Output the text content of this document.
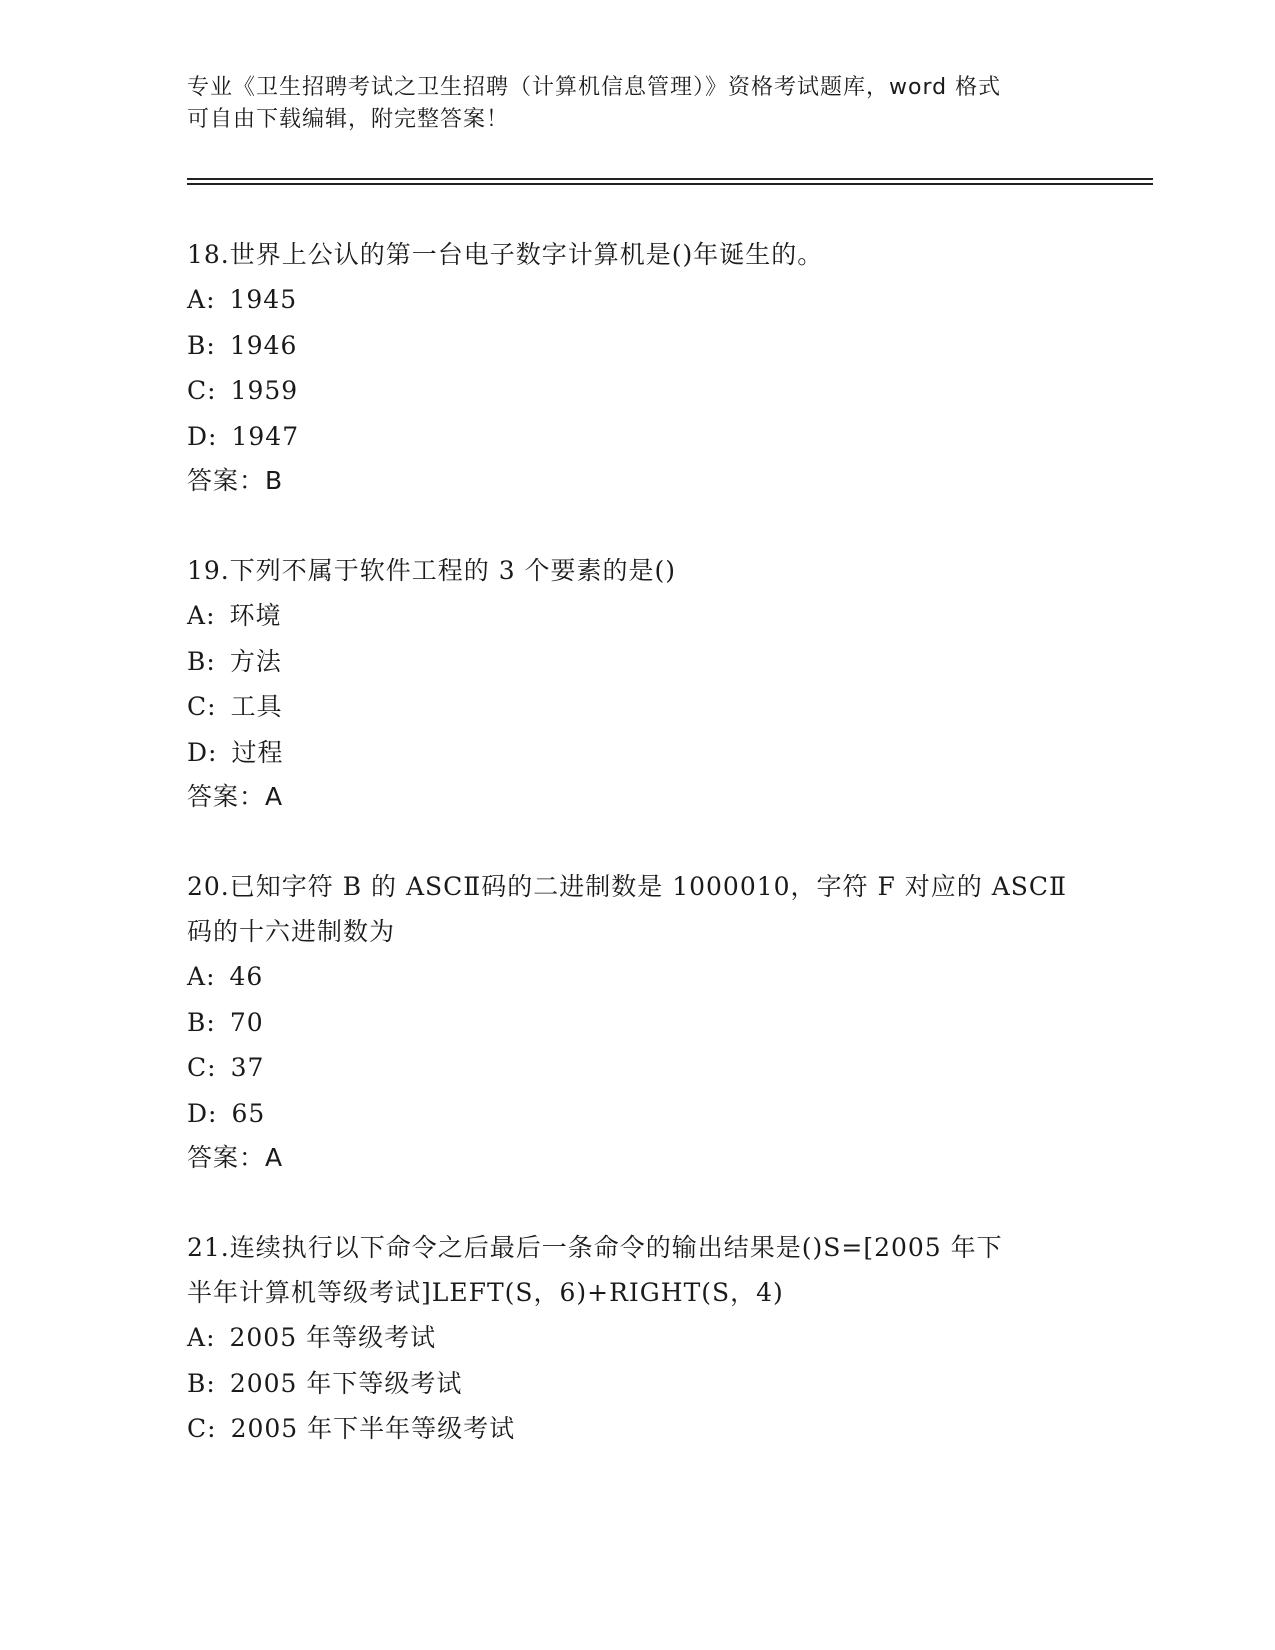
专业《卫生招聘考试之卫生招聘（计算机信息管理）》资格考试题库，word 格式
可自由下载编辑，附完整答案！
18.世界上公认的第一台电子数字计算机是()年诞生的。
A: 1945
B: 1946
C: 1959
D: 1947
答案：B
19.下列不属于软件工程的 3 个要素的是()
A: 环境
B: 方法
C: 工具
D: 过程
答案：A
20.已知字符 B 的 ASCⅡ码的二进制数是 1000010，字符 F 对应的 ASCⅡ
码的十六进制数为
A: 46
B: 70
C: 37
D: 65
答案：A
21.连续执行以下命令之后最后一条命令的输出结果是()S=[2005 年下
半年计算机等级考试]LEFT(S，6)+RIGHT(S，4)
A: 2005 年等级考试
B: 2005 年下等级考试
C: 2005 年下半年等级考试
